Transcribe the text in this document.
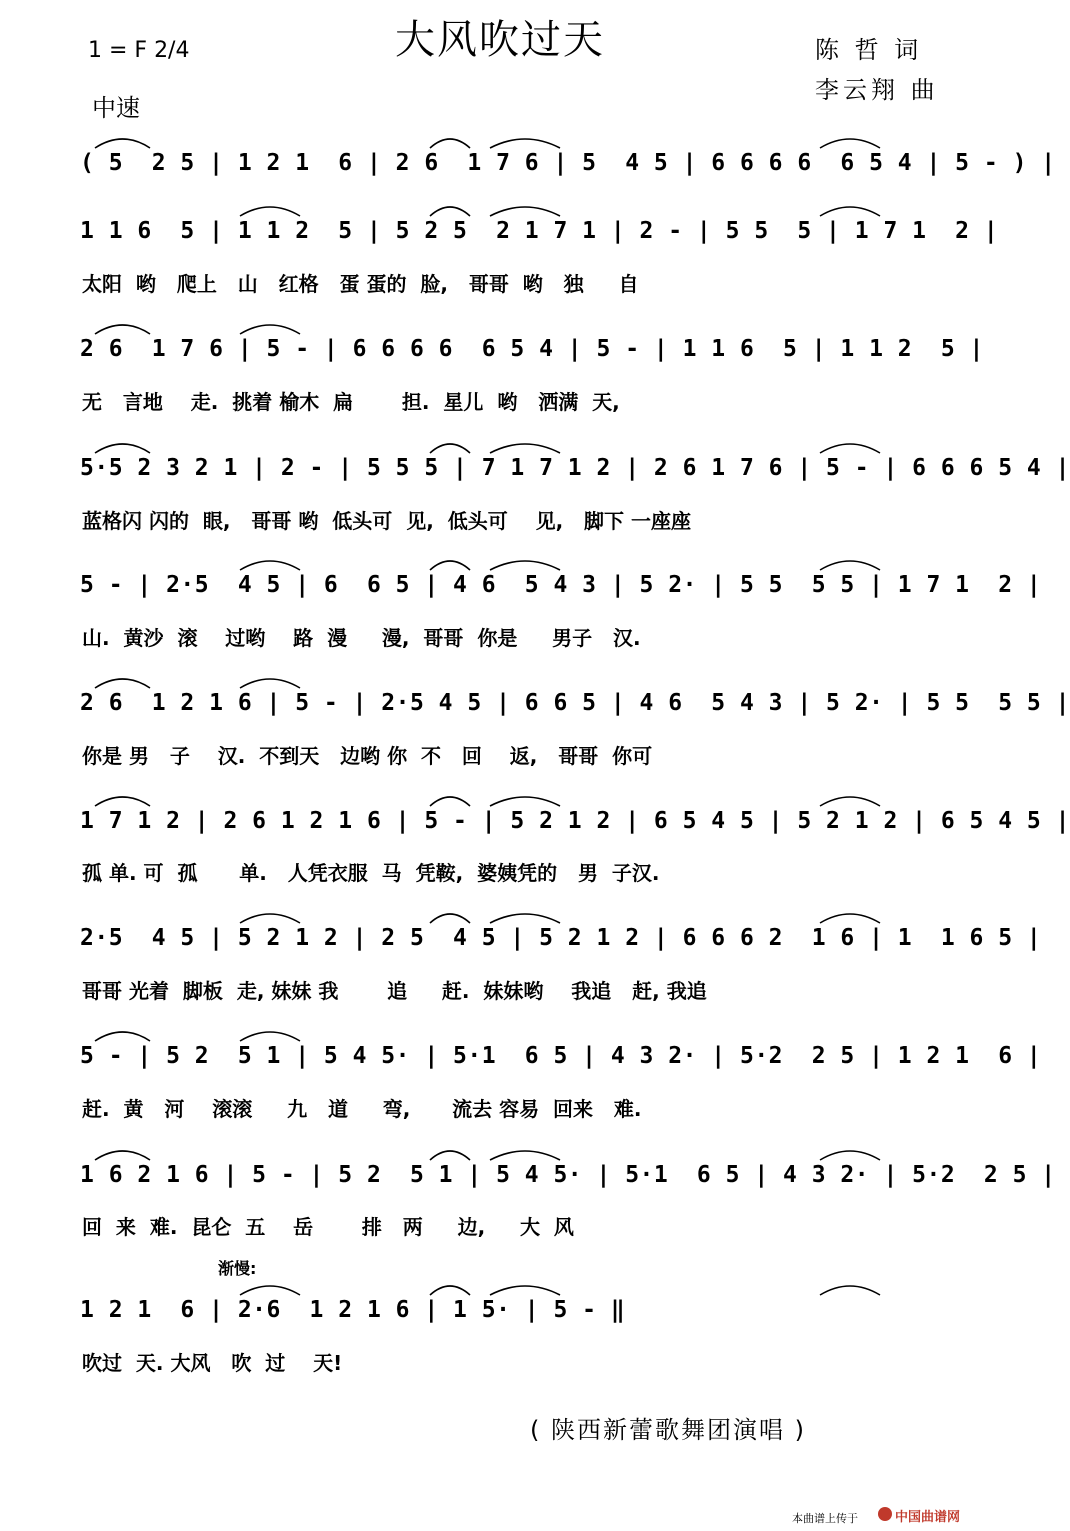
大风吹过天
1 = F 2/4
中速
陈 哲 词
李云翔 曲
( 5  2 5 | 1 2 1  6 | 2 6  1 7 6 | 5  4 5 | 6 6 6 6  6 5 4 | 5 - ) |
1 1 6  5 | 1 1 2  5 | 5 2 5  2 1 7 1 | 2 - | 5 5  5 | 1 7 1  2 |
太阳  哟   爬上   山   红格   蛋 蛋的  脸,   哥哥  哟   独     自
2 6  1 7 6 | 5 - | 6 6 6 6  6 5 4 | 5 - | 1 1 6  5 | 1 1 2  5 |
无   言地    走.  挑着 榆木  扁       担.  星儿  哟   洒满  天,
5·5 2 3 2 1 | 2 - | 5 5 5 | 7 1 7 1 2 | 2 6 1 7 6 | 5 - | 6 6 6 5 4 |
蓝格闪 闪的  眼,   哥哥 哟  低头可  见,  低头可    见,   脚下 一座座
5 - | 2·5  4 5 | 6  6 5 | 4 6  5 4 3 | 5 2· | 5 5  5 5 | 1 7 1  2 |
山.  黄沙  滚    过哟    路  漫     漫,  哥哥  你是     男子   汉.
2 6  1 2 1 6 | 5 - | 2·5 4 5 | 6 6 5 | 4 6  5 4 3 | 5 2· | 5 5  5 5 |
你是 男   子    汉.  不到天   边哟 你  不   回    返,   哥哥  你可
1 7 1 2 | 2 6 1 2 1 6 | 5 - | 5 2 1 2 | 6 5 4 5 | 5 2 1 2 | 6 5 4 5 |
孤 单. 可  孤      单.   人凭衣服  马  凭鞍,  婆姨凭的   男  子汉.
2·5  4 5 | 5 2 1 2 | 2 5  4 5 | 5 2 1 2 | 6 6 6 2  1 6 | 1  1 6 5 |
哥哥 光着  脚板  走, 妹妹 我       追     赶.  妹妹哟    我追   赶, 我追
5 - | 5 2  5 1 | 5 4 5· | 5·1  6 5 | 4 3 2· | 5·2  2 5 | 1 2 1  6 |
赶.  黄   河    滚滚     九   道     弯,      流去 容易  回来   难.
1 6 2 1 6 | 5 - | 5 2  5 1 | 5 4 5· | 5·1  6 5 | 4 3 2· | 5·2  2 5 |
回  来  难.  昆仑  五    岳       排   两     边,     大  风
1 2 1  6 | 2·6  1 2 1 6 | 1 5· | 5 - ‖
吹过  天. 大风   吹  过    天!
渐慢:
( 陕西新蕾歌舞团演唱 )
本曲谱上传于	中国曲谱网
